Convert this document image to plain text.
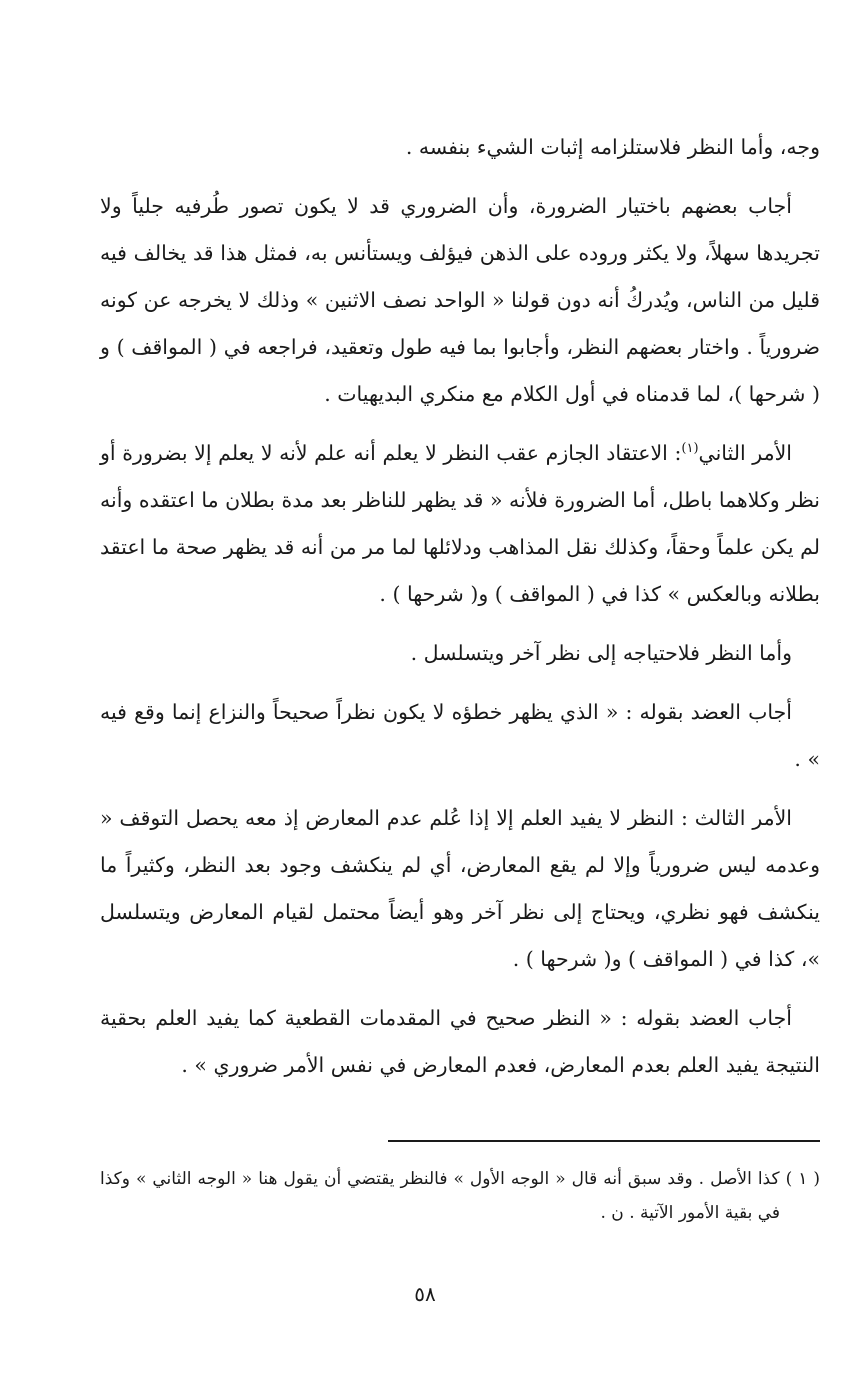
وجه، وأما النظر فلاستلزامه إثبات الشيء بنفسه .

أجاب بعضهم باختيار الضرورة، وأن الضروري قد لا يكون تصور طُرفيه جلياً ولا تجريدها سهلاً، ولا يكثر وروده على الذهن فيؤلف ويستأنس به، فمثل هذا قد يخالف فيه قليل من الناس، ويُدركُ أنه دون قولنا « الواحد نصف الاثنين » وذلك لا يخرجه عن كونه ضرورياً . واختار بعضهم النظر، وأجابوا بما فيه طول وتعقيد، فراجعه في ( المواقف ) و ( شرحها )، لما قدمناه في أول الكلام مع منكري البديهيات .

الأمر الثاني$^{(١)}$: الاعتقاد الجازم عقب النظر لا يعلم أنه علم لأنه لا يعلم إلا بضرورة أو نظر وكلاهما باطل، أما الضرورة فلأنه « قد يظهر للناظر بعد مدة بطلان ما اعتقده وأنه لم يكن علماً وحقاً، وكذلك نقل المذاهب ودلائلها لما مر من أنه قد يظهر صحة ما اعتقد بطلانه وبالعكس » كذا في ( المواقف ) و( شرحها ) .

وأما النظر فلاحتياجه إلى نظر آخر ويتسلسل .

أجاب العضد بقوله : « الذي يظهر خطؤه لا يكون نظراً صحيحاً والنزاع إنما وقع فيه » .

الأمر الثالث : النظر لا يفيد العلم إلا إذا عُلم عدم المعارض إذ معه يحصل التوقف « وعدمه ليس ضرورياً وإلا لم يقع المعارض، أي لم ينكشف وجود بعد النظر، وكثيراً ما ينكشف فهو نظري، ويحتاج إلى نظر آخر وهو أيضاً محتمل لقيام المعارض ويتسلسل »، كذا في ( المواقف ) و( شرحها ) .

أجاب العضد بقوله : « النظر صحيح في المقدمات القطعية كما يفيد العلم بحقية النتيجة يفيد العلم بعدم المعارض، فعدم المعارض في نفس الأمر ضروري » .

( ١ ) كذا الأصل . وقد سبق أنه قال « الوجه الأول » فالنظر يقتضي أن يقول هنا « الوجه الثاني » وكذا في بقية الأمور الآتية . ن .
٥٨
